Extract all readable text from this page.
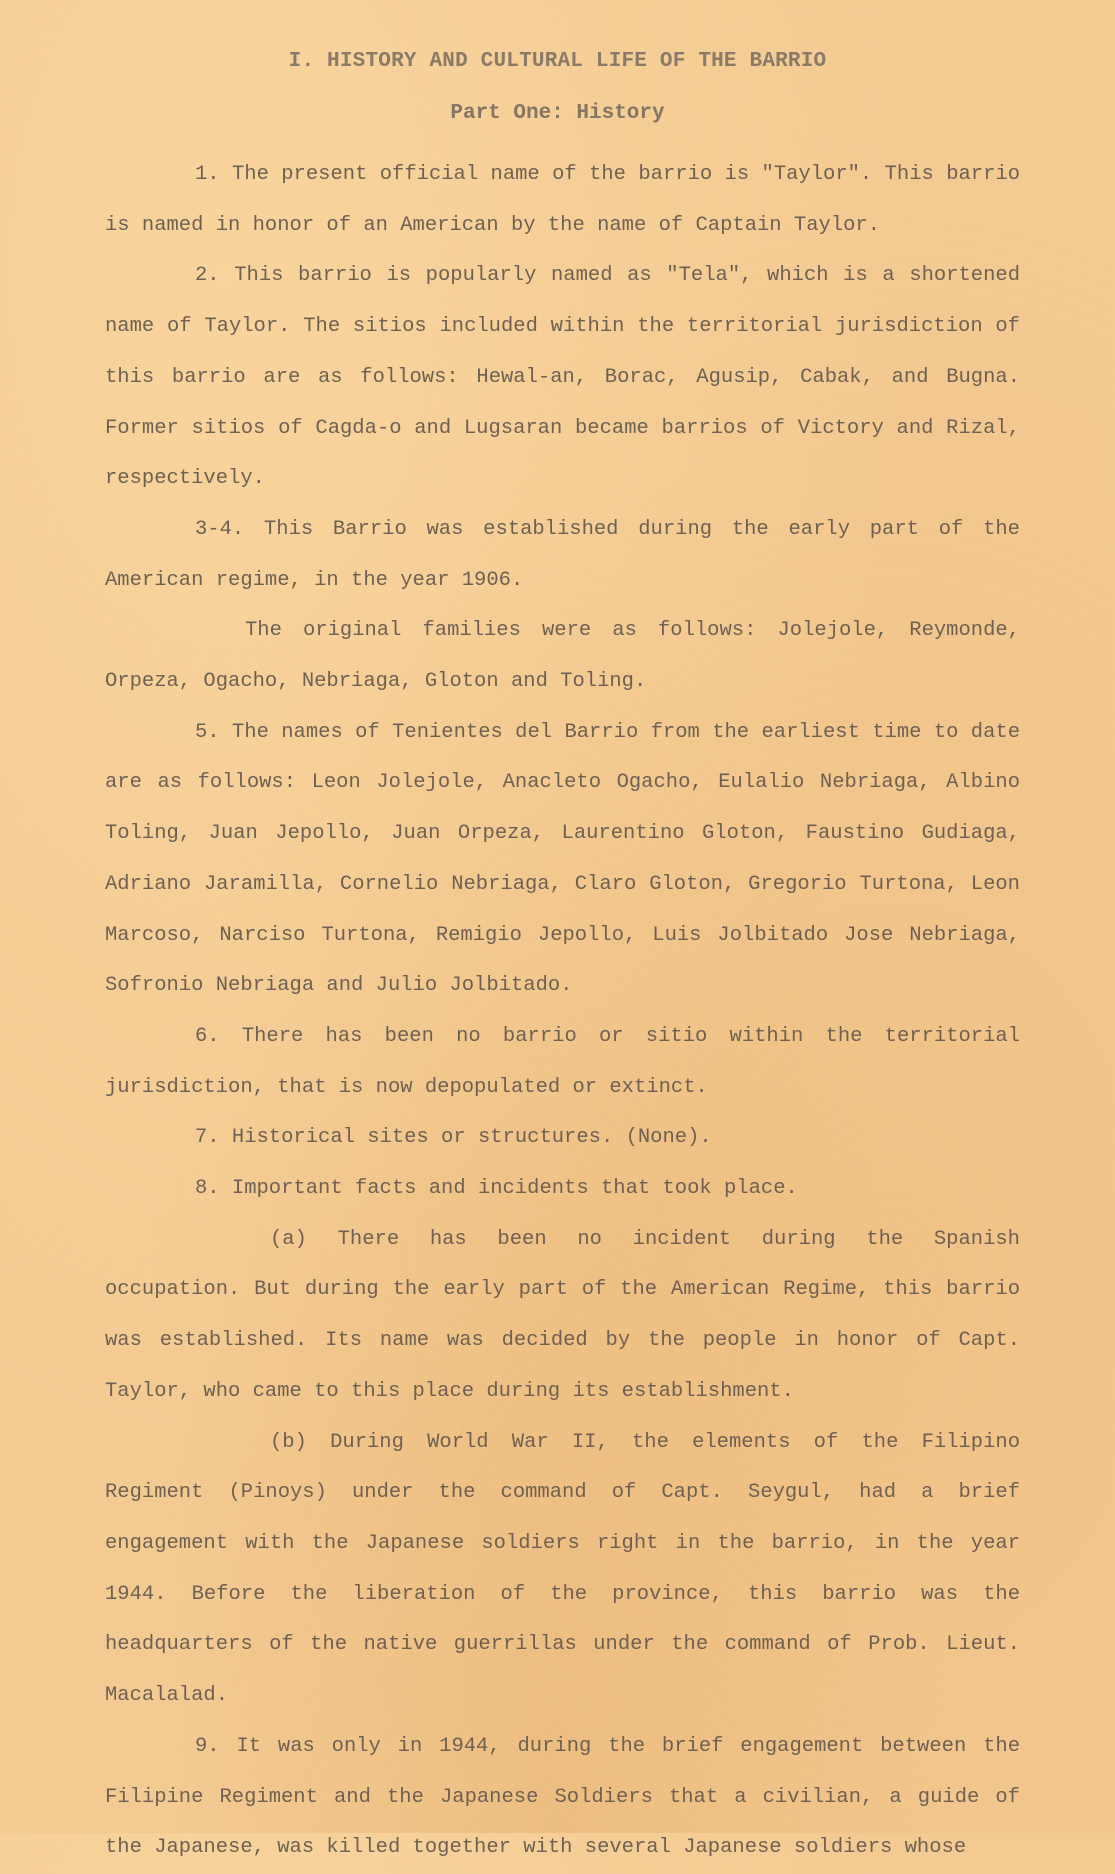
I. HISTORY AND CULTURAL LIFE OF THE BARRIO
Part One: History

1. The present official name of the barrio is "Taylor". This barrio is named in honor of an American by the name of Captain Taylor.

2. This barrio is popularly named as "Tela", which is a shortened name of Taylor. The sitios included within the territorial jurisdiction of this barrio are as follows: Hewal-an, Borac, Agusip, Cabak, and Bugna. Former sitios of Cagda-o and Lugsaran became barrios of Victory and Rizal, respectively.

3-4. This Barrio was established during the early part of the American regime, in the year 1906.

The original families were as follows: Jolejole, Reymonde, Orpeza, Ogacho, Nebriaga, Gloton and Toling.

5. The names of Tenientes del Barrio from the earliest time to date are as follows: Leon Jolejole, Anacleto Ogacho, Eulalio Nebriaga, Albino Toling, Juan Jepollo, Juan Orpeza, Laurentino Gloton, Faustino Gudiaga, Adriano Jaramilla, Cornelio Nebriaga, Claro Gloton, Gregorio Turtona, Leon Marcoso, Narciso Turtona, Remigio Jepollo, Luis Jolbitado Jose Nebriaga, Sofronio Nebriaga and Julio Jolbitado.

6. There has been no barrio or sitio within the territorial jurisdiction, that is now depopulated or extinct.

7. Historical sites or structures. (None).

8. Important facts and incidents that took place.

(a) There has been no incident during the Spanish occupation. But during the early part of the American Regime, this barrio was established. Its name was decided by the people in honor of Capt. Taylor, who came to this place during its establishment.

(b) During World War II, the elements of the Filipino Regiment (Pinoys) under the command of Capt. Seygul, had a brief engagement with the Japanese soldiers right in the barrio, in the year 1944. Before the liberation of the province, this barrio was the headquarters of the native guerrillas under the command of Prob. Lieut. Macalalad.

9. It was only in 1944, during the brief engagement between the Filipine Regiment and the Japanese Soldiers that a civilian, a guide of the Japanese, was killed together with several Japanese soldiers whose
